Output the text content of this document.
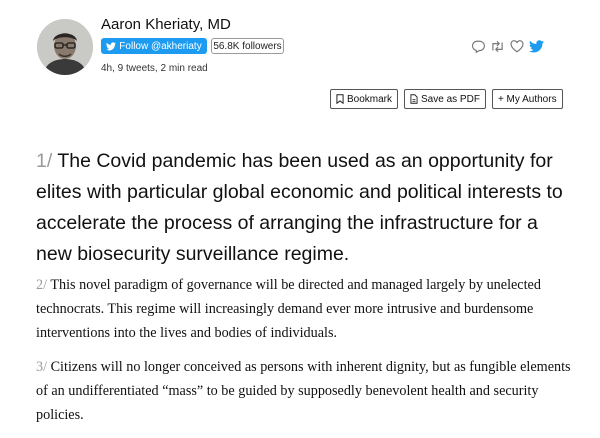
Aaron Kheriaty, MD
Follow @akheriaty 56.8K followers
4h, 9 tweets, 2 min read
Bookmark	Save as PDF + My Authors

1/ The Covid pandemic has been used as an opportunity for elites with particular global economic and political interests to accelerate the process of arranging the infrastructure for a new biosecurity surveillance regime.

2/ This novel paradigm of governance will be directed and managed largely by unelected technocrats. This regime will increasingly demand ever more intrusive and burdensome interventions into the lives and bodies of individuals.

3/ Citizens will no longer conceived as persons with inherent dignity, but as fungible elements of an undifferentiated “mass” to be guided by supposedly benevolent health and security policies.
